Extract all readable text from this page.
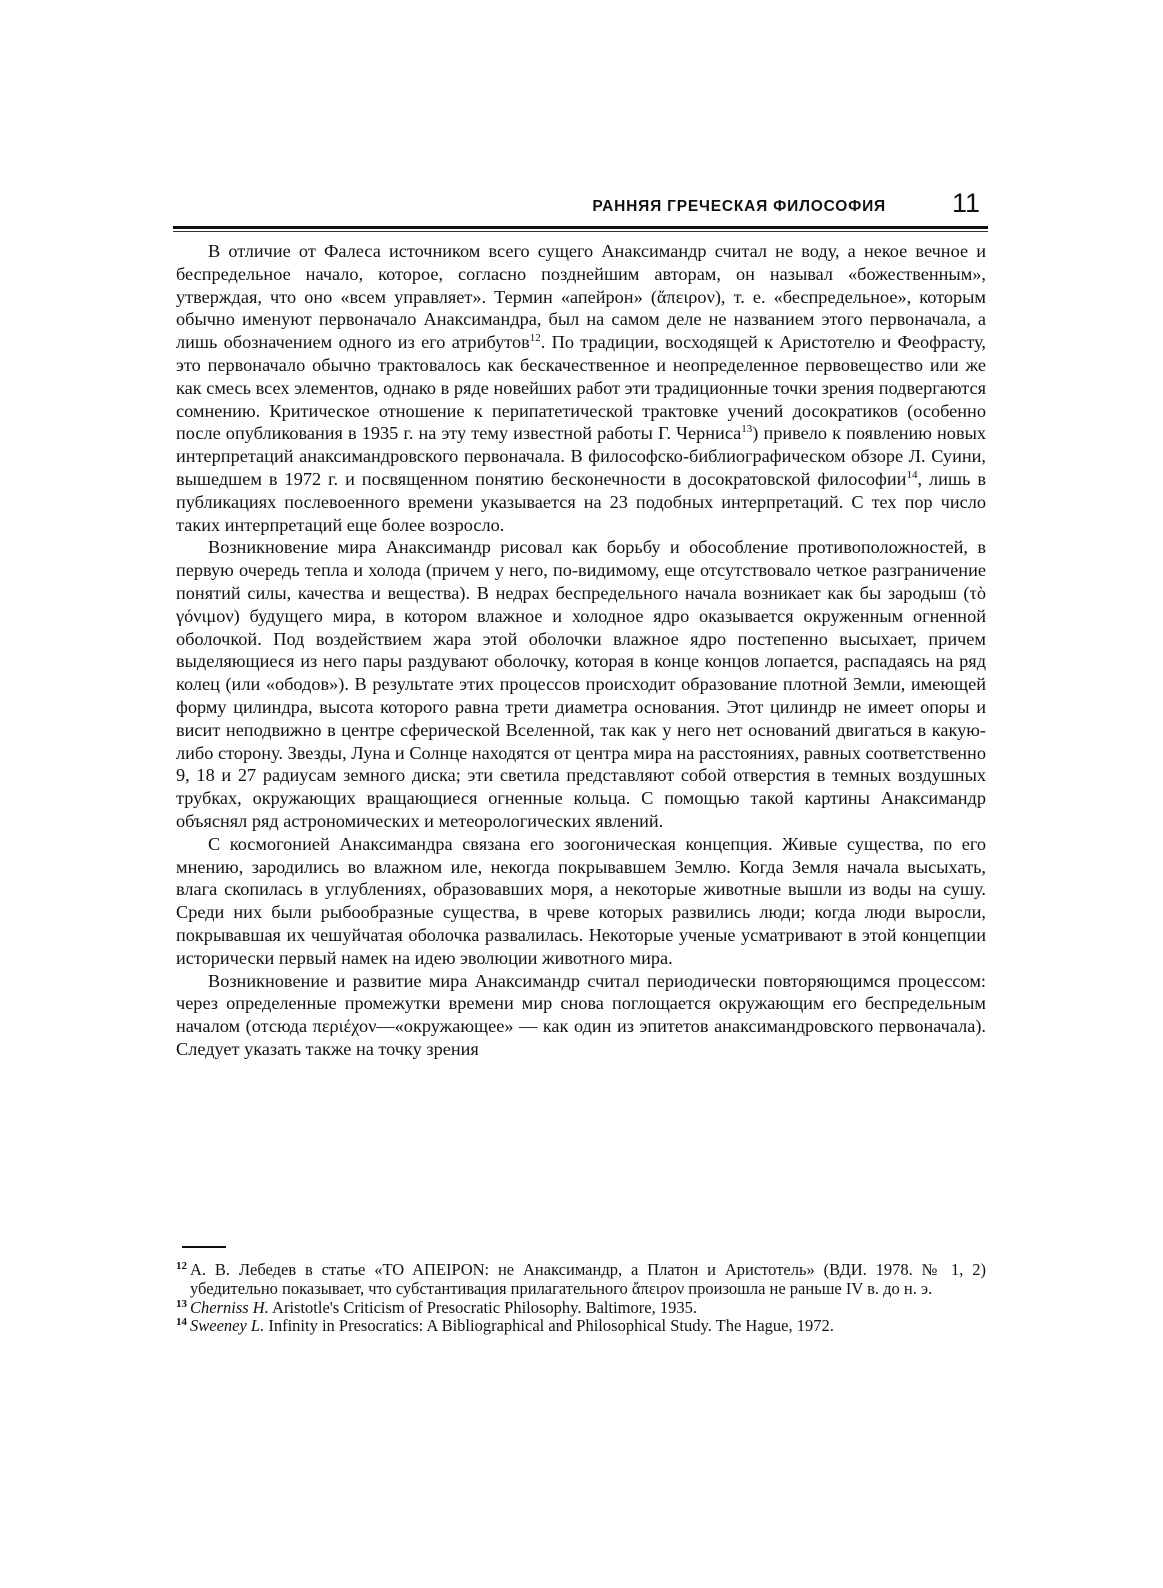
РАННЯЯ ГРЕЧЕСКАЯ ФИЛОСОФИЯ 11

В отличие от Фалеса источником всего сущего Анаксимандр считал не воду, а некое вечное и беспредельное начало, которое, согласно позднейшим авторам, он называл «божественным», утверждая, что оно «всем управляет». Термин «апейрон» (ἄπειρον), т. е. «беспредельное», которым обычно именуют первоначало Анаксимандра, был на самом деле не названием этого первоначала, а лишь обозначением одного из его атрибутов$^{12}$. По традиции, восходящей к Аристотелю и Феофрасту, это первоначало обычно трактовалось как бескачественное и неопределенное первовещество или же как смесь всех элементов, однако в ряде новейших работ эти традиционные точки зрения подвергаются сомнению. Критическое отношение к перипатетической трактовке учений досократиков (особенно после опубликования в 1935 г. на эту тему известной работы Г. Черниса$^{13}$) привело к появлению новых интерпретаций анаксимандровского первоначала. В философско-библиографическом обзоре Л. Суини, вышедшем в 1972 г. и посвященном понятию бесконечности в досократовской философии$^{14}$, лишь в публикациях послевоенного времени указывается на 23 подобных интерпретаций. С тех пор число таких интерпретаций еще более возросло.

Возникновение мира Анаксимандр рисовал как борьбу и обособление противоположностей, в первую очередь тепла и холода (причем у него, по-видимому, еще отсутствовало четкое разграничение понятий силы, качества и вещества). В недрах беспредельного начала возникает как бы зародыш (τὸ γόνιμον) будущего мира, в котором влажное и холодное ядро оказывается окруженным огненной оболочкой. Под воздействием жара этой оболочки влажное ядро постепенно высыхает, причем выделяющиеся из него пары раздувают оболочку, которая в конце концов лопается, распадаясь на ряд колец (или «ободов»). В результате этих процессов происходит образование плотной Земли, имеющей форму цилиндра, высота которого равна трети диаметра основания. Этот цилиндр не имеет опоры и висит неподвижно в центре сферической Вселенной, так как у него нет оснований двигаться в какую-либо сторону. Звезды, Луна и Солнце находятся от центра мира на расстояниях, равных соответственно 9, 18 и 27 радиусам земного диска; эти светила представляют собой отверстия в темных воздушных трубках, окружающих вращающиеся огненные кольца. С помощью такой картины Анаксимандр объяснял ряд астрономических и метеорологических явлений.

С космогонией Анаксимандра связана его зоогоническая концепция. Живые существа, по его мнению, зародились во влажном иле, некогда покрывавшем Землю. Когда Земля начала высыхать, влага скопилась в углублениях, образовавших моря, а некоторые животные вышли из воды на сушу. Среди них были рыбообразные существа, в чреве которых развились люди; когда люди выросли, покрывавшая их чешуйчатая оболочка развалилась. Некоторые ученые усматривают в этой концепции исторически первый намек на идею эволюции животного мира.

Возникновение и развитие мира Анаксимандр считал периодически повторяющимся процессом: через определенные промежутки времени мир снова поглощается окружающим его беспредельным началом (отсюда περιέχον—«окружающее» — как один из эпитетов анаксимандровского первоначала). Следует указать также на точку зрения

12 А. В. Лебедев в статье «ΤΟ ΑΠΕΙΡΟΝ: не Анаксимандр, а Платон и Аристотель» (ВДИ. 1978. № 1, 2) убедительно показывает, что субстантивация прилагательного ἄπειρον произошла не раньше IV в. до н. э.

13 Cherniss H. Aristotle's Criticism of Presocratic Philosophy. Baltimore, 1935.

14 Sweeney L. Infinity in Presocratics: A Bibliographical and Philosophical Study. The Hague, 1972.
